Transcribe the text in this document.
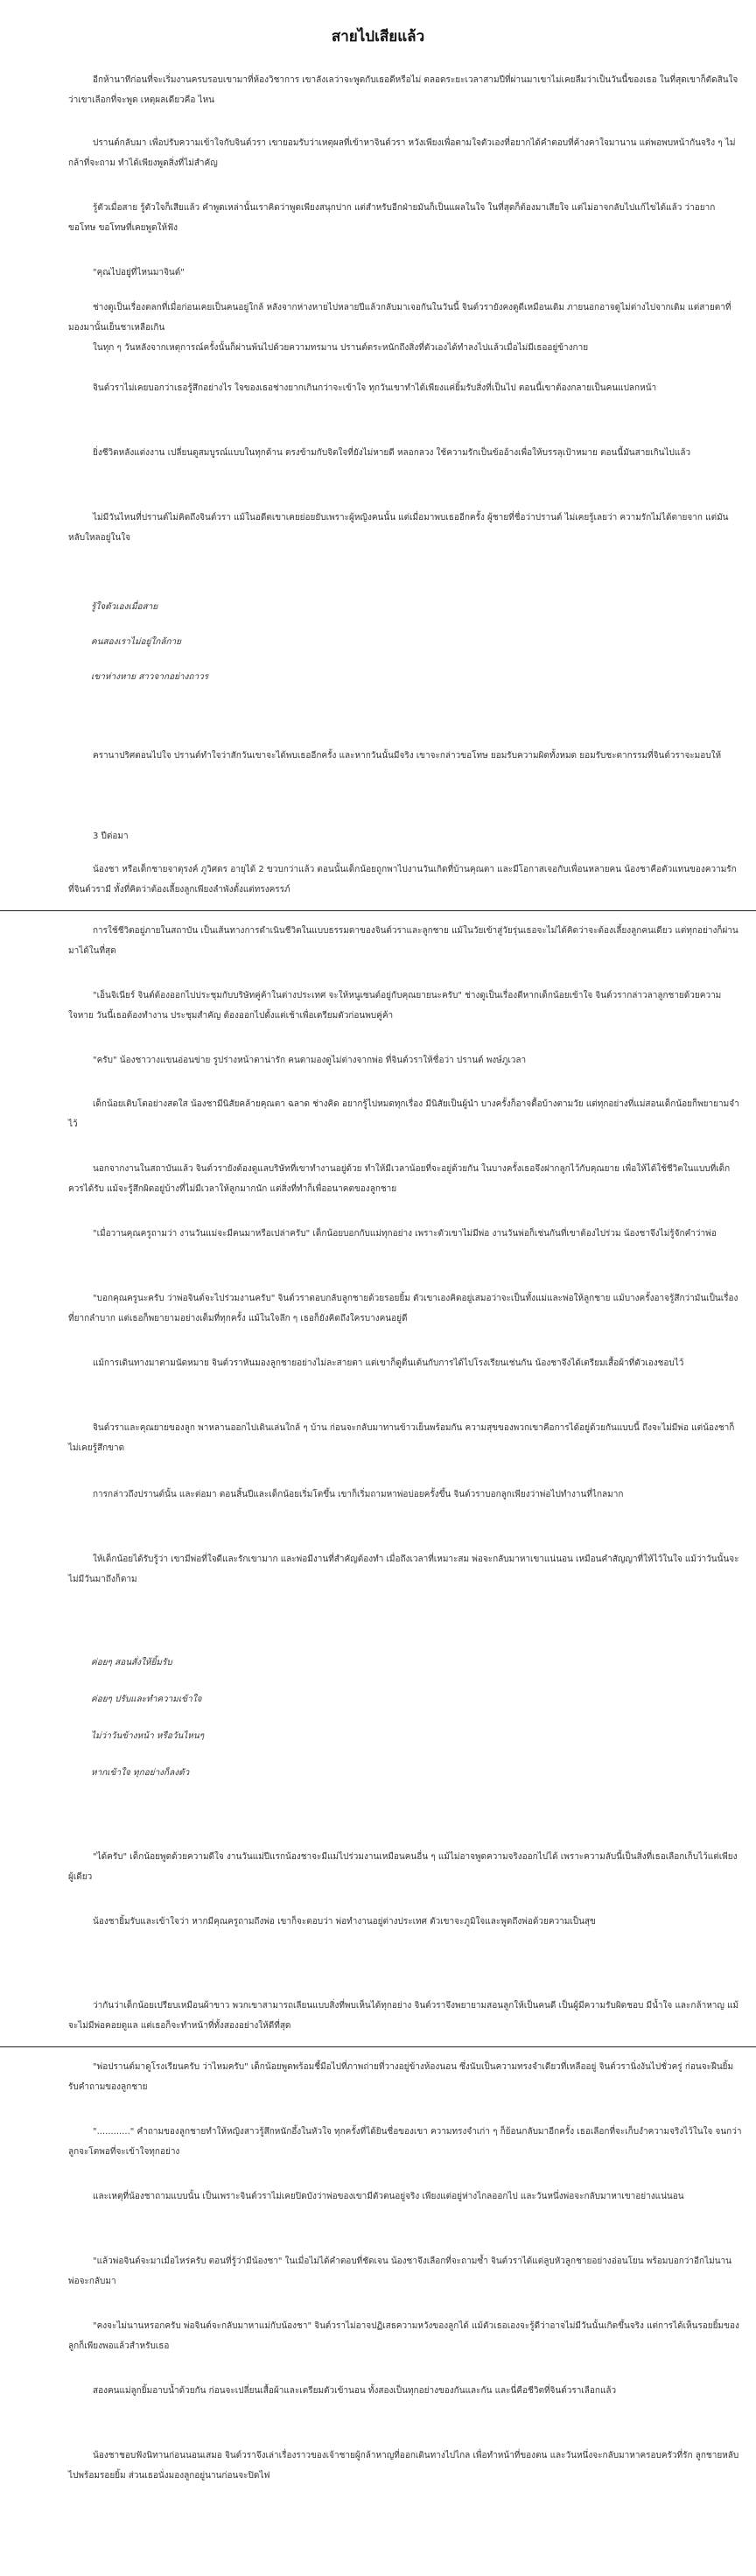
สายไปเสียแล้ว

อีกห้านาทีก่อนที่จะเริ่มงานครบรอบเขามาที่ห้องวิชาการ เขาลังเลว่าจะพูดกับเธอดีหรือไม่ ตลอดระยะเวลาสามปีที่ผ่านมาเขาไม่เคยลืมว่าเป็นวันนี้ของเธอ ในที่สุดเขาก็ตัดสินใจว่าเขาเลือกที่จะพูด เหตุผลเดียวคือ ไหน

ปรานต์กลับมา เพื่อปรับความเข้าใจกับจินต์วรา เขายอมรับว่าเหตุผลที่เข้าหาจินต์วรา หวังเพียงเพื่อตามใจตัวเองที่อยากได้คำตอบที่ค้างคาใจมานาน แต่พอพบหน้ากันจริง ๆ ไม่กล้าที่จะถาม ทำได้เพียงพูดสิ่งที่ไม่สำคัญ

รู้ตัวเมื่อสาย รู้ตัวใจก็เสียแล้ว คำพูดเหล่านั้นเราคิดว่าพูดเพียงสนุกปาก แต่สำหรับอีกฝ่ายมันก็เป็นแผลในใจ ในที่สุดก็ต้องมาเสียใจ แต่ไม่อาจกลับไปแก้ไขได้แล้ว ว่าอยากขอโทษ ขอโทษที่เคยพูดให้ฟัง

"คุณไปอยู่ที่ไหนมาจินต์"

ช่างดูเป็นเรื่องตลกที่เมื่อก่อนเคยเป็นคนอยู่ใกล้ หลังจากห่างหายไปหลายปีแล้วกลับมาเจอกันในวันนี้ จินต์วรายังคงดูดีเหมือนเดิม ภายนอกอาจดูไม่ต่างไปจากเดิม แต่สายตาที่มองมานั้นเย็นชาเหลือเกิน

ในทุก ๆ วันหลังจากเหตุการณ์ครั้งนั้นก็ผ่านพ้นไปด้วยความทรมาน ปรานต์ตระหนักถึงสิ่งที่ตัวเองได้ทำลงไปแล้วเมื่อไม่มีเธออยู่ข้างกาย

จินต์วราไม่เคยบอกว่าเธอรู้สึกอย่างไร ใจของเธอช่างยากเกินกว่าจะเข้าใจ ทุกวันเขาทำได้เพียงแค่ยิ้มรับสิ่งที่เป็นไป ตอนนี้เขาต้องกลายเป็นคนแปลกหน้า

ยิ่งชีวิตหลังแต่งงาน เปลี่ยนดูสมบูรณ์แบบในทุกด้าน ตรงข้ามกับจิตใจที่ยังไม่หายดี หลอกลวง ใช้ความรักเป็นข้ออ้างเพื่อให้บรรลุเป้าหมาย ตอนนี้มันสายเกินไปแล้ว

ไม่มีวันไหนที่ปรานต์ไม่คิดถึงจินต์วรา แม้ในอดีตเขาเคยย่อยยับเพราะผู้หญิงคนนั้น แต่เมื่อมาพบเธออีกครั้ง ผู้ชายที่ชื่อว่าปรานต์ ไม่เคยรู้เลยว่า ความรักไม่ได้ตายจาก แต่มันหลับใหลอยู่ในใจ

รู้ใจตัวเองเมื่อสาย

คนสองเราไม่อยู่ใกล้กาย

เขาห่างหาย สาวจากอย่างถาวร

ครานาปริศตอนไปใจ ปรานต์ทำใจว่าสักวันเขาจะได้พบเธออีกครั้ง และหากวันนั้นมีจริง เขาจะกล่าวขอโทษ ยอมรับความผิดทั้งหมด ยอมรับชะตากรรมที่จินต์วราจะมอบให้

3 ปีต่อมา

น้องชา หรือเด็กชายจาตุรงค์ ภูวิศดร อายุได้ 2 ขวบกว่าแล้ว ตอนนั้นเด็กน้อยถูกพาไปงานวันเกิดที่บ้านคุณตา และมีโอกาสเจอกับเพื่อนหลายคน น้องชาคือตัวแทนของความรักที่จินต์วรามี ทั้งที่คิดว่าต้องเลี้ยงลูกเพียงลำพังตั้งแต่ทรงครรภ์

การใช้ชีวิตอยู่ภายในสถาบัน เป็นเส้นทางการดำเนินชีวิตในแบบธรรมดาของจินต์วราและลูกชาย แม้ในวัยเข้าสู่วัยรุ่นเธอจะไม่ได้คิดว่าจะต้องเลี้ยงลูกคนเดียว แต่ทุกอย่างก็ผ่านมาได้ในที่สุด

"เอ็นจิเนียร์ จินต์ต้องออกไปประชุมกับบริษัทคู่ค้าในต่างประเทศ จะให้หนูเซนต์อยู่กับคุณยายนะครับ" ช่างดูเป็นเรื่องดีหากเด็กน้อยเข้าใจ จินต์วรากล่าวลาลูกชายด้วยความใจหาย วันนี้เธอต้องทำงาน ประชุมสำคัญ ต้องออกไปตั้งแต่เช้าเพื่อเตรียมตัวก่อนพบคู่ค้า

"ครับ" น้องชาวางแขนอ่อนข่าย รูปร่างหน้าตาน่ารัก คนตามองดูไม่ต่างจากพ่อ ที่จินต์วราให้ชื่อว่า ปรานต์ พงษ์ภูเวลา

เด็กน้อยเติบโตอย่างสดใส น้องชามีนิสัยคล้ายคุณตา ฉลาด ช่างคิด อยากรู้ไปหมดทุกเรื่อง มีนิสัยเป็นผู้นำ บางครั้งก็อาจดื้อบ้างตามวัย แต่ทุกอย่างที่แม่สอนเด็กน้อยก็พยายามจำไว้

นอกจากงานในสถาบันแล้ว จินต์วรายังต้องดูแลบริษัทที่เขาทำงานอยู่ด้วย ทำให้มีเวลาน้อยที่จะอยู่ด้วยกัน ในบางครั้งเธอจึงฝากลูกไว้กับคุณยาย เพื่อให้ได้ใช้ชีวิตในแบบที่เด็กควรได้รับ แม้จะรู้สึกผิดอยู่บ้างที่ไม่มีเวลาให้ลูกมากนัก แต่สิ่งที่ทำก็เพื่ออนาคตของลูกชาย

"เมื่อวานคุณครูถามว่า งานวันแม่จะมีคนมาหรือเปล่าครับ" เด็กน้อยบอกกับแม่ทุกอย่าง เพราะตัวเขาไม่มีพ่อ งานวันพ่อก็เช่นกันที่เขาต้องไปร่วม น้องชาจึงไม่รู้จักคำว่าพ่อ

"บอกคุณครูนะครับ ว่าพ่อจินต์จะไปร่วมงานครับ" จินต์วราตอบกลับลูกชายด้วยรอยยิ้ม ตัวเขาเองคิดอยู่เสมอว่าจะเป็นทั้งแม่และพ่อให้ลูกชาย แม้บางครั้งอาจรู้สึกว่ามันเป็นเรื่องที่ยากลำบาก แต่เธอก็พยายามอย่างเต็มที่ทุกครั้ง แม้ในใจลึก ๆ เธอก็ยังคิดถึงใครบางคนอยู่ดี

แม้การเดินทางมาตามนัดหมาย จินต์วราหันมองลูกชายอย่างไม่ละสายตา แต่เขาก็ดูตื่นเต้นกับการได้ไปโรงเรียนเช่นกัน น้องชาจึงได้เตรียมเสื้อผ้าที่ตัวเองชอบไว้

จินต์วราและคุณยายของลูก พาหลานออกไปเดินเล่นใกล้ ๆ บ้าน ก่อนจะกลับมาทานข้าวเย็นพร้อมกัน ความสุขของพวกเขาคือการได้อยู่ด้วยกันแบบนี้ ถึงจะไม่มีพ่อ แต่น้องชาก็ไม่เคยรู้สึกขาด

การกล่าวถึงปรานต์นั้น และต่อมา ตอนสิ้นปีและเด็กน้อยเริ่มโตขึ้น เขาก็เริ่มถามหาพ่อบ่อยครั้งขึ้น จินต์วราบอกลูกเพียงว่าพ่อไปทำงานที่ไกลมาก

ให้เด็กน้อยได้รับรู้ว่า เขามีพ่อที่ใจดีและรักเขามาก และพ่อมีงานที่สำคัญต้องทำ เมื่อถึงเวลาที่เหมาะสม พ่อจะกลับมาหาเขาแน่นอน เหมือนคำสัญญาที่ให้ไว้ในใจ แม้ว่าวันนั้นจะไม่มีวันมาถึงก็ตาม

ค่อยๆ สอนสั่งให้ยิ้มรับ

ค่อยๆ ปรับและทำความเข้าใจ

ไม่ว่าวันข้างหน้า หรือวันไหนๆ

หากเข้าใจ ทุกอย่างก็ลงตัว

"ได้ครับ" เด็กน้อยพูดด้วยความดีใจ งานวันแม่ปีแรกน้องชาจะมีแม่ไปร่วมงานเหมือนคนอื่น ๆ แม้ไม่อาจพูดความจริงออกไปได้ เพราะความลับนี้เป็นสิ่งที่เธอเลือกเก็บไว้แต่เพียงผู้เดียว

น้องชายิ้มรับและเข้าใจว่า หากมีคุณครูถามถึงพ่อ เขาก็จะตอบว่า พ่อทำงานอยู่ต่างประเทศ ตัวเขาจะภูมิใจและพูดถึงพ่อด้วยความเป็นสุข

ว่ากันว่าเด็กน้อยเปรียบเหมือนผ้าขาว พวกเขาสามารถเลียนแบบสิ่งที่พบเห็นได้ทุกอย่าง จินต์วราจึงพยายามสอนลูกให้เป็นคนดี เป็นผู้มีความรับผิดชอบ มีน้ำใจ และกล้าหาญ แม้จะไม่มีพ่อคอยดูแล แต่เธอก็จะทำหน้าที่ทั้งสองอย่างให้ดีที่สุด

"พ่อปรานต์มาดูโรงเรียนครับ ว่าไหมครับ" เด็กน้อยพูดพร้อมชี้มือไปที่ภาพถ่ายที่วางอยู่ข้างห้องนอน ซึ่งนับเป็นความทรงจำเดียวที่เหลืออยู่ จินต์วรานิ่งงันไปชั่วครู่ ก่อนจะฝืนยิ้มรับคำถามของลูกชาย

"............" คำถามของลูกชายทำให้หญิงสาวรู้สึกหนักอึ้งในหัวใจ ทุกครั้งที่ได้ยินชื่อของเขา ความทรงจำเก่า ๆ ก็ย้อนกลับมาอีกครั้ง เธอเลือกที่จะเก็บงำความจริงไว้ในใจ จนกว่าลูกจะโตพอที่จะเข้าใจทุกอย่าง

และเหตุที่น้องชาถามแบบนั้น เป็นเพราะจินต์วราไม่เคยปิดบังว่าพ่อของเขามีตัวตนอยู่จริง เพียงแต่อยู่ห่างไกลออกไป และวันหนึ่งพ่อจะกลับมาหาเขาอย่างแน่นอน

"แล้วพ่อจินต์จะมาเมื่อไหร่ครับ ตอนที่รู้ว่ามีน้องชา" ในเมื่อไม่ได้คำตอบที่ชัดเจน น้องชาจึงเลือกที่จะถามซ้ำ จินต์วราได้แต่ลูบหัวลูกชายอย่างอ่อนโยน พร้อมบอกว่าอีกไม่นานพ่อจะกลับมา

"คงจะไม่นานหรอกครับ พ่อจินต์จะกลับมาหาแม่กับน้องชา" จินต์วราไม่อาจปฏิเสธความหวังของลูกได้ แม้ตัวเธอเองจะรู้ดีว่าอาจไม่มีวันนั้นเกิดขึ้นจริง แต่การได้เห็นรอยยิ้มของลูกก็เพียงพอแล้วสำหรับเธอ

สองคนแม่ลูกยิ้มอาบน้ำด้วยกัน ก่อนจะเปลี่ยนเสื้อผ้าและเตรียมตัวเข้านอน ทั้งสองเป็นทุกอย่างของกันและกัน และนี่คือชีวิตที่จินต์วราเลือกแล้ว

น้องชาชอบฟังนิทานก่อนนอนเสมอ จินต์วราจึงเล่าเรื่องราวของเจ้าชายผู้กล้าหาญที่ออกเดินทางไปไกล เพื่อทำหน้าที่ของตน และวันหนึ่งจะกลับมาหาครอบครัวที่รัก ลูกชายหลับไปพร้อมรอยยิ้ม ส่วนเธอนั่งมองลูกอยู่นานก่อนจะปิดไฟ
